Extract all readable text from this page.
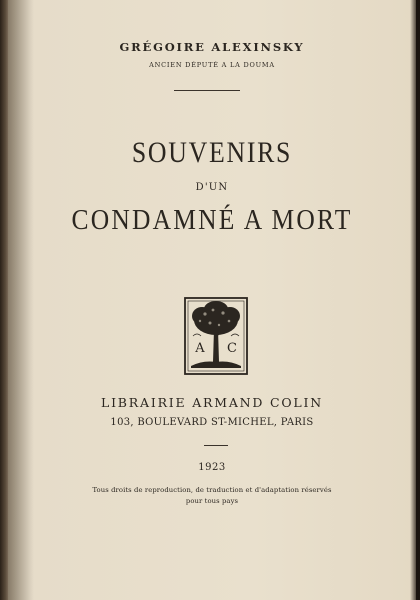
GRÉGOIRE ALEXINSKY
ANCIEN DÉPUTÉ A LA DOUMA
SOUVENIRS
D'UN
CONDAMNÉ A MORT
A C
LIBRAIRIE ARMAND COLIN
103, BOULEVARD ST-MICHEL, PARIS
1923
Tous droits de reproduction, de traduction et d'adaptation réservés
pour tous pays
